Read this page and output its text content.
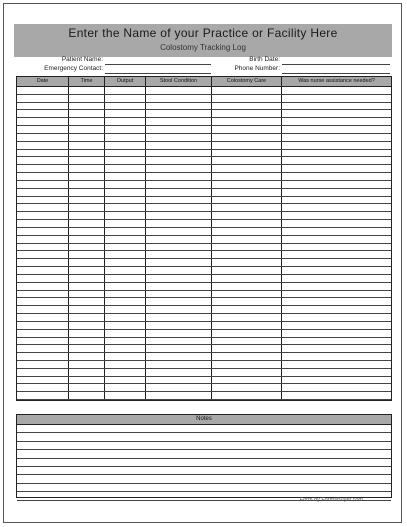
Enter the Name of your Practice or Facility Here
Colostomy Tracking Log
Patient Name:	Birth Date:
Emergency Contact:	Phone Number:
Date	Time	Output	Stool Condition	Colostomy Care	Was nurse assistance needed?
Notes
Form by FormsBuyer.com
